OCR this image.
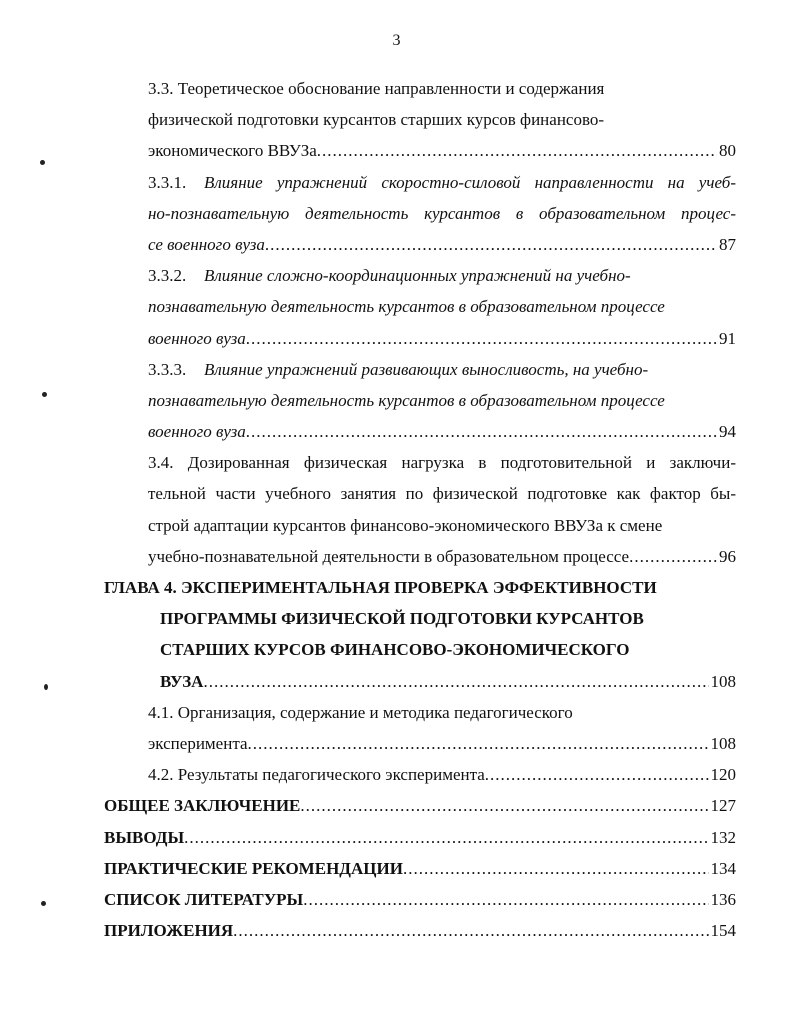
3
3.3. Теоретическое обоснование направленности и содержания
физической подготовки курсантов старших курсов финансово-
экономического ВВУЗа .....	80
3.3.1. Влияние упражнений скоростно-силовой направленности на учеб-
но-познавательную деятельность курсантов в образовательном процес-
се военного вуза .....	87
3.3.2. Влияние сложно-координационных упражнений на учебно-
познавательную деятельность курсантов в образовательном процессе
военного вуза .....	91
3.3.3. Влияние упражнений развивающих выносливость, на учебно-
познавательную деятельность курсантов в образовательном процессе
военного вуза .....	94
3.4. Дозированная физическая нагрузка в подготовительной и заключи-
тельной части учебного занятия по физической подготовке как фактор бы-
строй адаптации курсантов финансово-экономического ВВУЗа к смене
учебно-познавательной деятельности в образовательном процессе .....	96
ГЛАВА 4. ЭКСПЕРИМЕНТАЛЬНАЯ ПРОВЕРКА ЭФФЕКТИВНОСТИ
ПРОГРАММЫ ФИЗИЧЕСКОЙ ПОДГОТОВКИ КУРСАНТОВ
СТАРШИХ КУРСОВ ФИНАНСОВО-ЭКОНОМИЧЕСКОГО
ВУЗА .....	108
4.1. Организация, содержание и методика педагогического
эксперимента .....	108
4.2. Результаты педагогического эксперимента .....	120
ОБЩЕЕ ЗАКЛЮЧЕНИЕ .....	127
ВЫВОДЫ .....	132
ПРАКТИЧЕСКИЕ РЕКОМЕНДАЦИИ .....	134
СПИСОК ЛИТЕРАТУРЫ .....	136
ПРИЛОЖЕНИЯ .....	154
